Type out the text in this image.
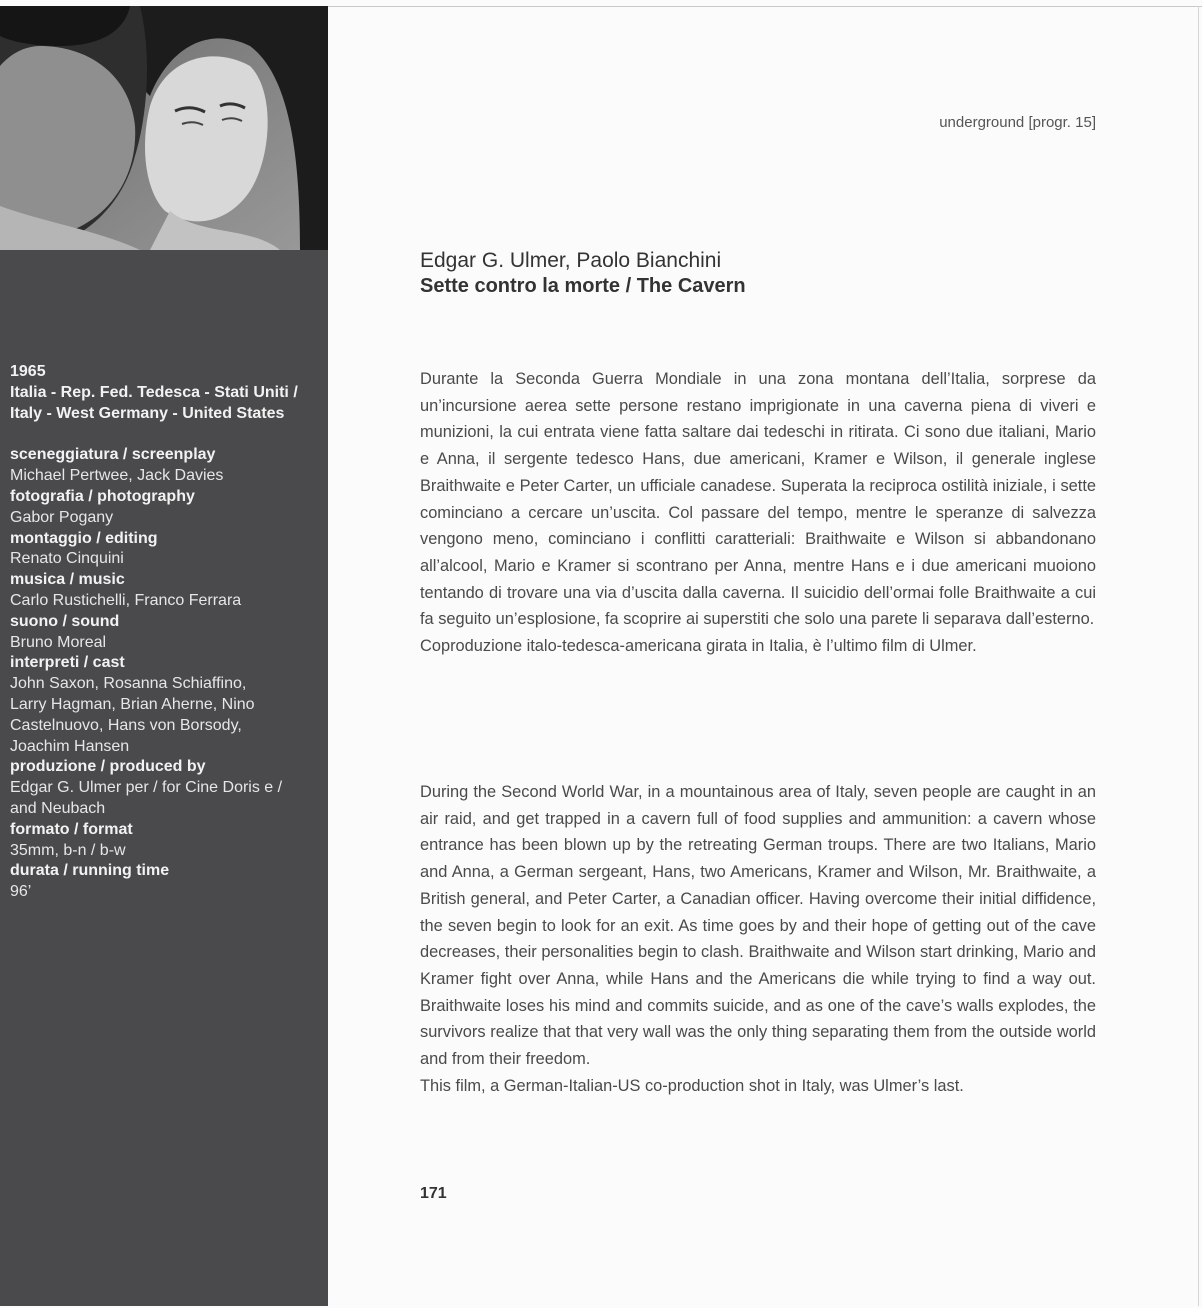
1965
Italia - Rep. Fed. Tedesca - Stati Uniti /
Italy - West Germany - United States
sceneggiatura / screenplay
Michael Pertwee, Jack Davies
fotografia / photography
Gabor Pogany
montaggio / editing
Renato Cinquini
musica / music
Carlo Rustichelli, Franco Ferrara
suono / sound
Bruno Moreal
interpreti / cast
John Saxon, Rosanna Schiaffino,
Larry Hagman, Brian Aherne, Nino
Castelnuovo, Hans von Borsody,
Joachim Hansen
produzione / produced by
Edgar G. Ulmer per / for Cine Doris e /
and Neubach
formato / format
35mm, b-n / b-w
durata / running time
96’
underground [progr. 15]
Edgar G. Ulmer, Paolo Bianchini
Sette contro la morte / The Cavern

Durante la Seconda Guerra Mondiale in una zona montana dell’Italia, sorprese da un’incursione aerea sette persone restano imprigionate in una caverna piena di viveri e munizioni, la cui entrata viene fatta saltare dai tedeschi in ritirata. Ci sono due italiani, Mario e Anna, il sergente tedesco Hans, due americani, Kramer e Wilson, il generale inglese Braithwaite e Peter Carter, un ufficiale canadese. Superata la reciproca ostilità iniziale, i sette cominciano a cercare un’uscita. Col passare del tempo, mentre le speranze di salvezza vengono meno, cominciano i conflitti caratteriali: Braithwaite e Wilson si abbandonano all’alcool, Mario e Kramer si scontrano per Anna, mentre Hans e i due americani muoiono tentando di trovare una via d’uscita dalla caverna. Il suicidio dell’ormai folle Braithwaite a cui fa seguito un’esplosione, fa scoprire ai superstiti che solo una parete li separava dall’esterno.

Coproduzione italo-tedesca-americana girata in Italia, è l’ultimo film di Ulmer.

During the Second World War, in a mountainous area of Italy, seven people are caught in an air raid, and get trapped in a cavern full of food supplies and ammunition: a cavern whose entrance has been blown up by the retreating German troups. There are two Italians, Mario and Anna, a German sergeant, Hans, two Americans, Kramer and Wilson, Mr. Braithwaite, a British general, and Peter Carter, a Canadian officer. Having overcome their initial diffidence, the seven begin to look for an exit. As time goes by and their hope of getting out of the cave decreases, their personalities begin to clash. Braithwaite and Wilson start drinking, Mario and Kramer fight over Anna, while Hans and the Americans die while trying to find a way out. Braithwaite loses his mind and commits suicide, and as one of the cave’s walls explodes, the survivors realize that that very wall was the only thing separating them from the outside world and from their freedom.

This film, a German-Italian-US co-production shot in Italy, was Ulmer’s last.

171
